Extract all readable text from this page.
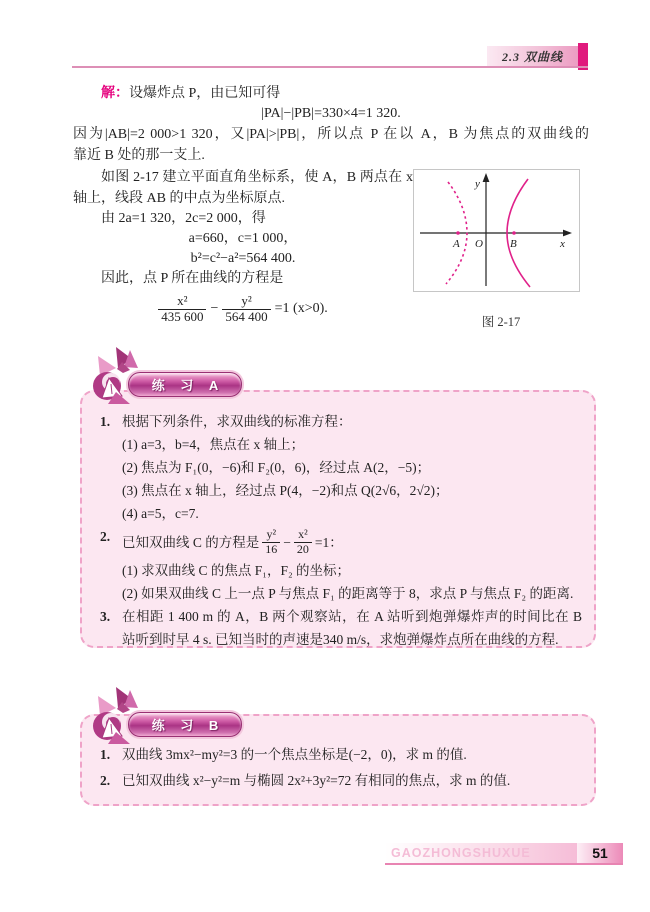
2.3 双曲线
解：设爆炸点 P，由已知可得
|PA|−|PB|=330×4=1 320.
因为|AB|=2 000>1 320，又|PA|>|PB|，所以点 P 在以 A，B 为焦点的双曲线的
靠近 B 处的那一支上.
如图 2-17 建立平面直角坐标系，使 A，B 两点在 x
轴上，线段 AB 的中点为坐标原点.
由 2a=1 320，2c=2 000，得
a=660，c=1 000，
b²=c²−a²=564 400.
因此，点 P 所在曲线的方程是
$\frac{\text{x²}}{435 600} - \frac{\text{y²}}{564 400} =1$ (x>0).
y
x
O
A	B
图 2-17
练 习 A
1. 根据下列条件，求双曲线的标准方程：
(1) a=3，b=4，焦点在 x 轴上；
(2) 焦点为 F₁(0，−6)和 F₂(0，6)，经过点 A(2，−5)；
(3) 焦点在 x 轴上，经过点 P(4，−2)和点 Q(2√6，2√2)；
(4) a=5，c=7.
2. 已知双曲线 C 的方程是 $\frac{\text{y²}}{16} - \frac{\text{x²}}{20} =1$：
(1) 求双曲线 C 的焦点 F₁，F₂ 的坐标；
(2) 如果双曲线 C 上一点 P 与焦点 F₁ 的距离等于 8，求点 P 与焦点 F₂ 的距离.
3. 在相距 1 400 m 的 A，B 两个观察站，在 A 站听到炮弹爆炸声的时间比在 B
站听到时早 4 s. 已知当时的声速是340 m/s，求炮弹爆炸点所在曲线的方程.
练 习 B
1. 双曲线 3mx²−my²=3 的一个焦点坐标是(−2，0)，求 m 的值.
2. 已知双曲线 x²−y²=m 与椭圆 2x²+3y²=72 有相同的焦点，求 m 的值.
GAOZHONGSHUXUE	51
